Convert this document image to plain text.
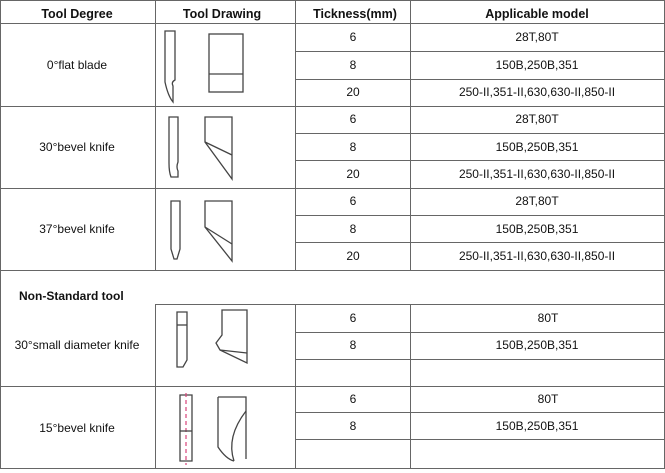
Tool Degree	Tool Drawing	Tickness(mm)	Applicable model
0°flat blade
6	28T,80T
8	150B,250B,351
20	250-II,351-II,630,630-II,850-II
30°bevel knife
6	28T,80T
8	150B,250B,351
20	250-II,351-II,630,630-II,850-II
37°bevel knife
6	28T,80T
8	150B,250B,351
20	250-II,351-II,630,630-II,850-II
Non-Standard tool
30°small diameter knife
6	80T
8	150B,250B,351
15°bevel knife
6	80T
8	150B,250B,351
